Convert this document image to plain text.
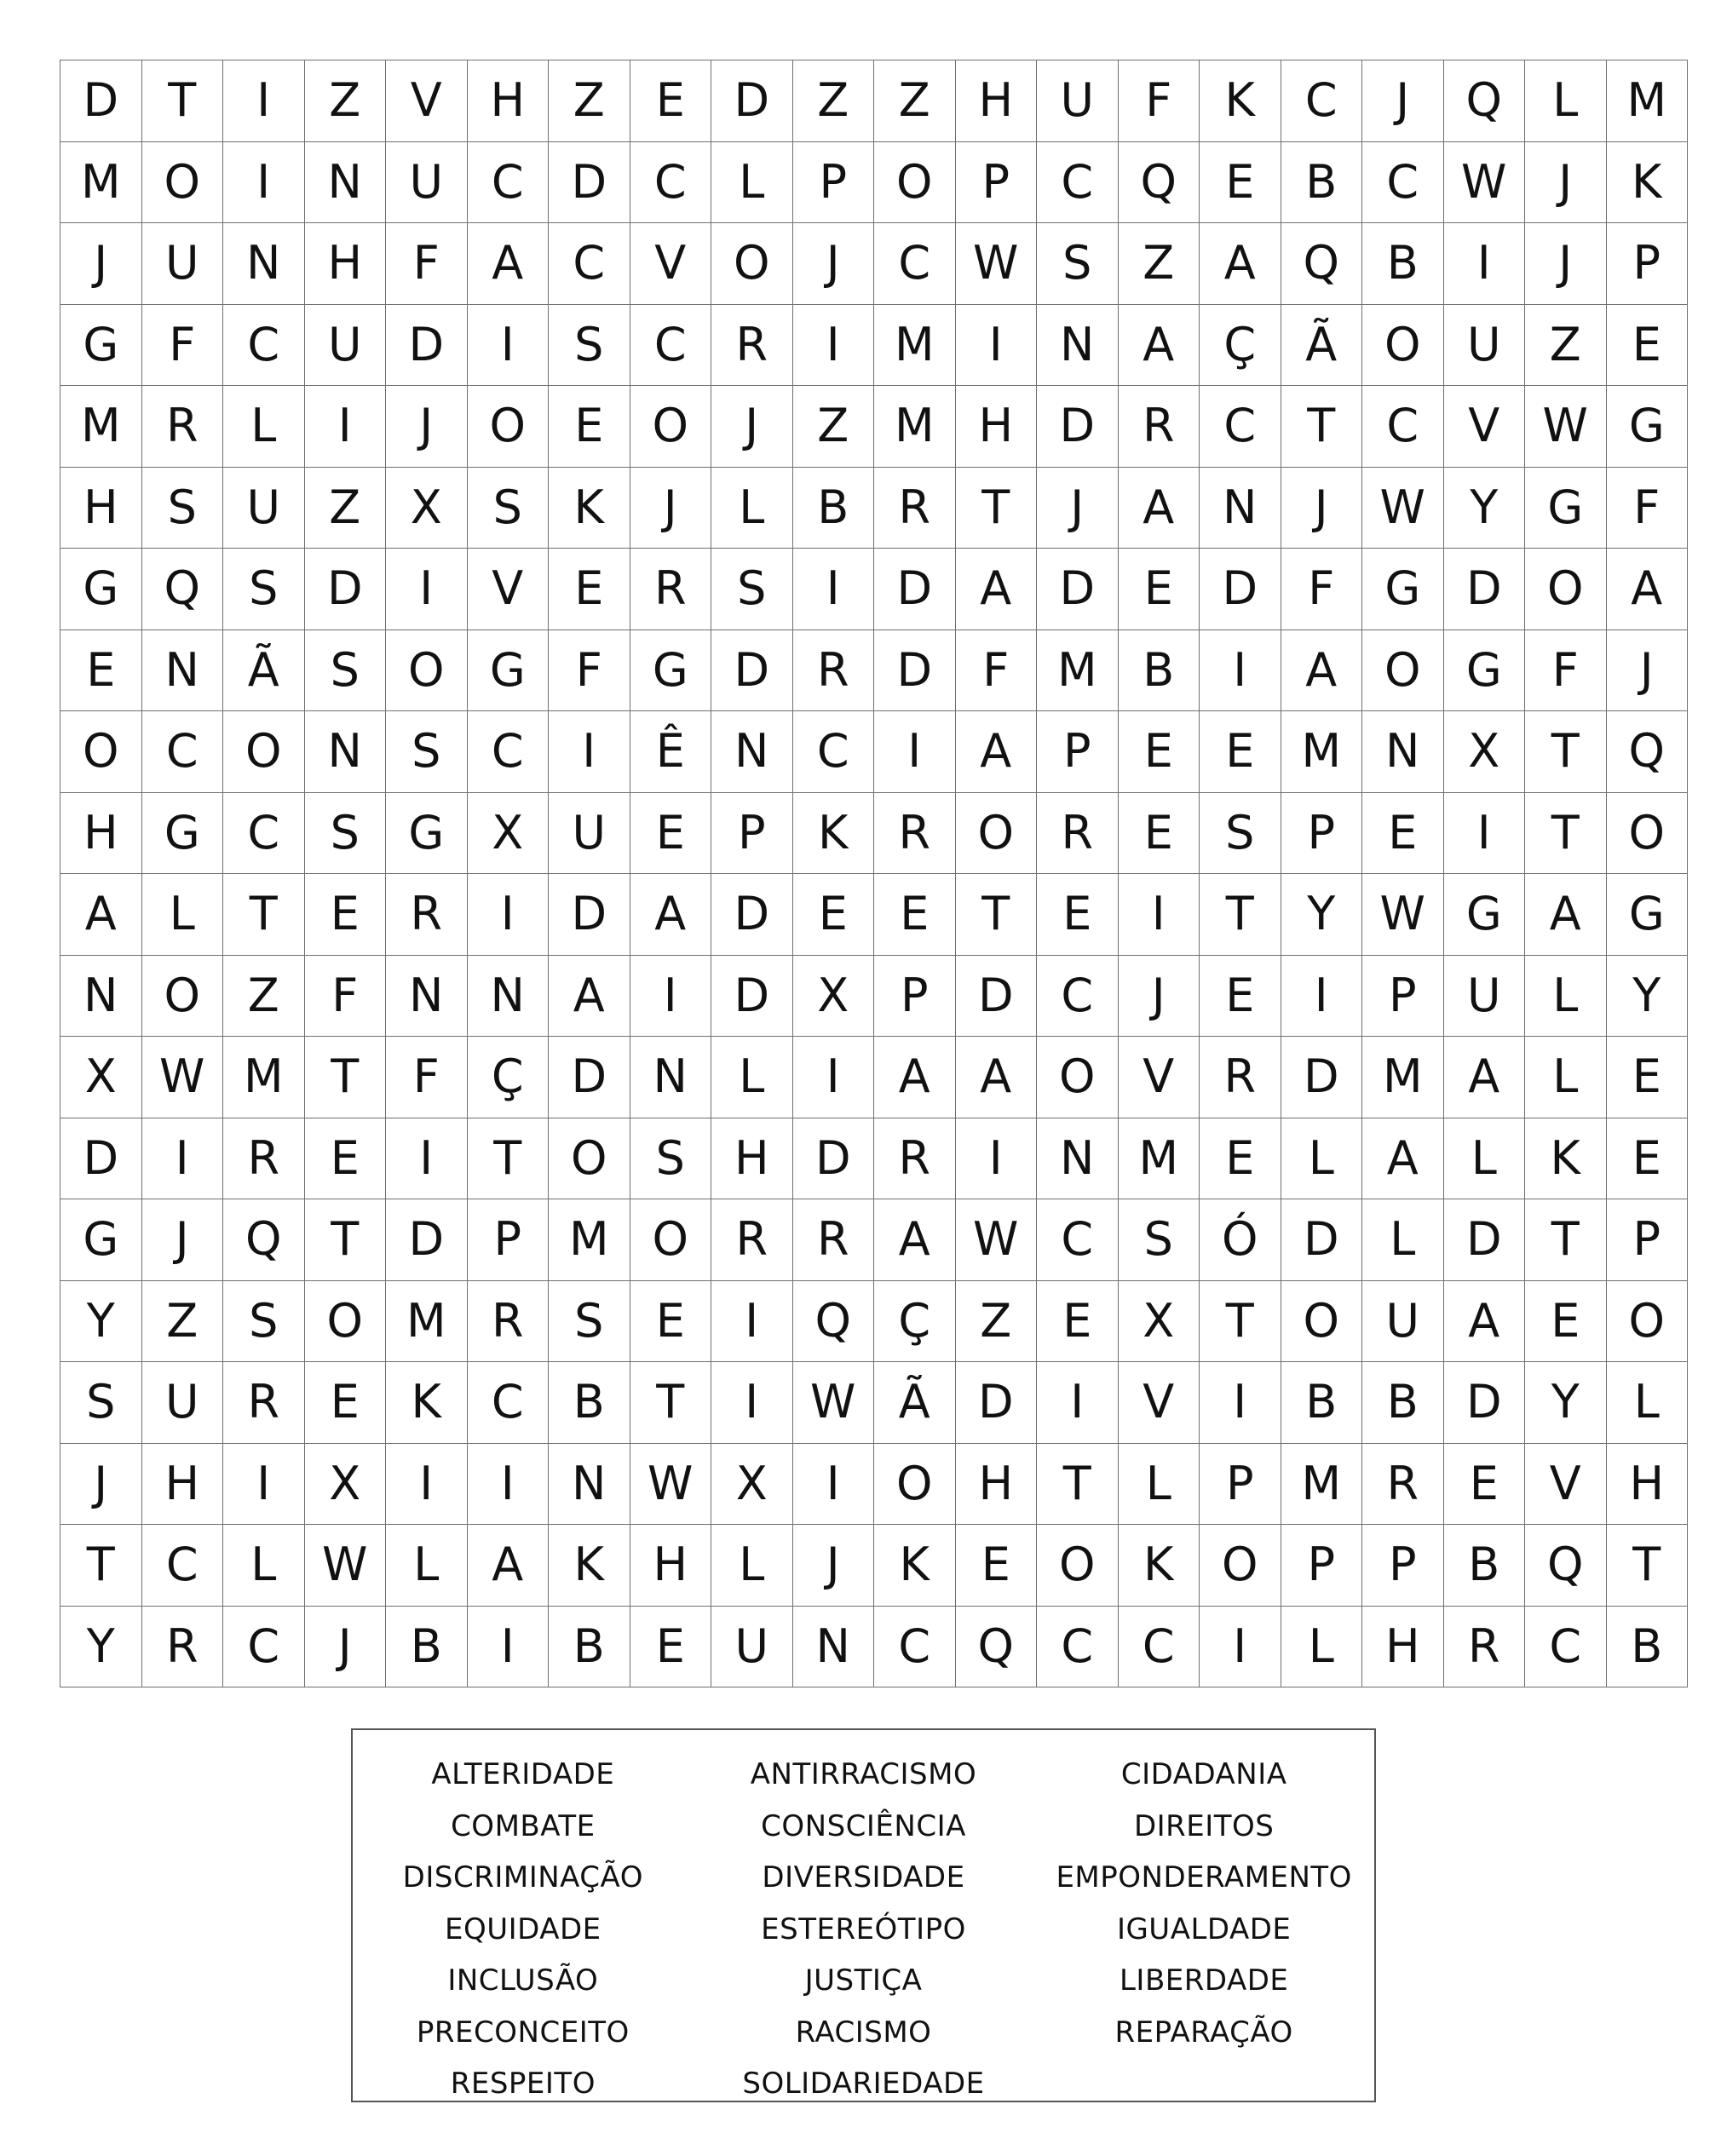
D	T	I	Z	V	H	Z	E	D	Z	Z	H	U	F	K	C	J	Q	L	M
M	O	I	N	U	C	D	C	L	P	O	P	C	Q	E	B	C	W	J	K
J	U	N	H	F	A	C	V	O	J	C	W	S	Z	A	Q	B	I	J	P
G	F	C	U	D	I	S	C	R	I	M	I	N	A	Ç	Ã	O	U	Z	E
M	R	L	I	J	O	E	O	J	Z	M	H	D	R	C	T	C	V	W	G
H	S	U	Z	X	S	K	J	L	B	R	T	J	A	N	J	W	Y	G	F
G	Q	S	D	I	V	E	R	S	I	D	A	D	E	D	F	G	D	O	A
E	N	Ã	S	O	G	F	G	D	R	D	F	M	B	I	A	O	G	F	J
O	C	O	N	S	C	I	Ê	N	C	I	A	P	E	E	M	N	X	T	Q
H	G	C	S	G	X	U	E	P	K	R	O	R	E	S	P	E	I	T	O
A	L	T	E	R	I	D	A	D	E	E	T	E	I	T	Y	W	G	A	G
N	O	Z	F	N	N	A	I	D	X	P	D	C	J	E	I	P	U	L	Y
X	W	M	T	F	Ç	D	N	L	I	A	A	O	V	R	D	M	A	L	E
D	I	R	E	I	T	O	S	H	D	R	I	N	M	E	L	A	L	K	E
G	J	Q	T	D	P	M	O	R	R	A	W	C	S	Ó	D	L	D	T	P
Y	Z	S	O	M	R	S	E	I	Q	Ç	Z	E	X	T	O	U	A	E	O
S	U	R	E	K	C	B	T	I	W	Ã	D	I	V	I	B	B	D	Y	L
J	H	I	X	I	I	N	W	X	I	O	H	T	L	P	M	R	E	V	H
T	C	L	W	L	A	K	H	L	J	K	E	O	K	O	P	P	B	Q	T
Y	R	C	J	B	I	B	E	U	N	C	Q	C	C	I	L	H	R	C	B
ALTERIDADE
COMBATE
DISCRIMINAÇÃO
EQUIDADE
INCLUSÃO
PRECONCEITO
RESPEITO
ANTIRRACISMO
CONSCIÊNCIA
DIVERSIDADE
ESTEREÓTIPO
JUSTIÇA
RACISMO
SOLIDARIEDADE
CIDADANIA
DIREITOS
EMPONDERAMENTO
IGUALDADE
LIBERDADE
REPARAÇÃO
